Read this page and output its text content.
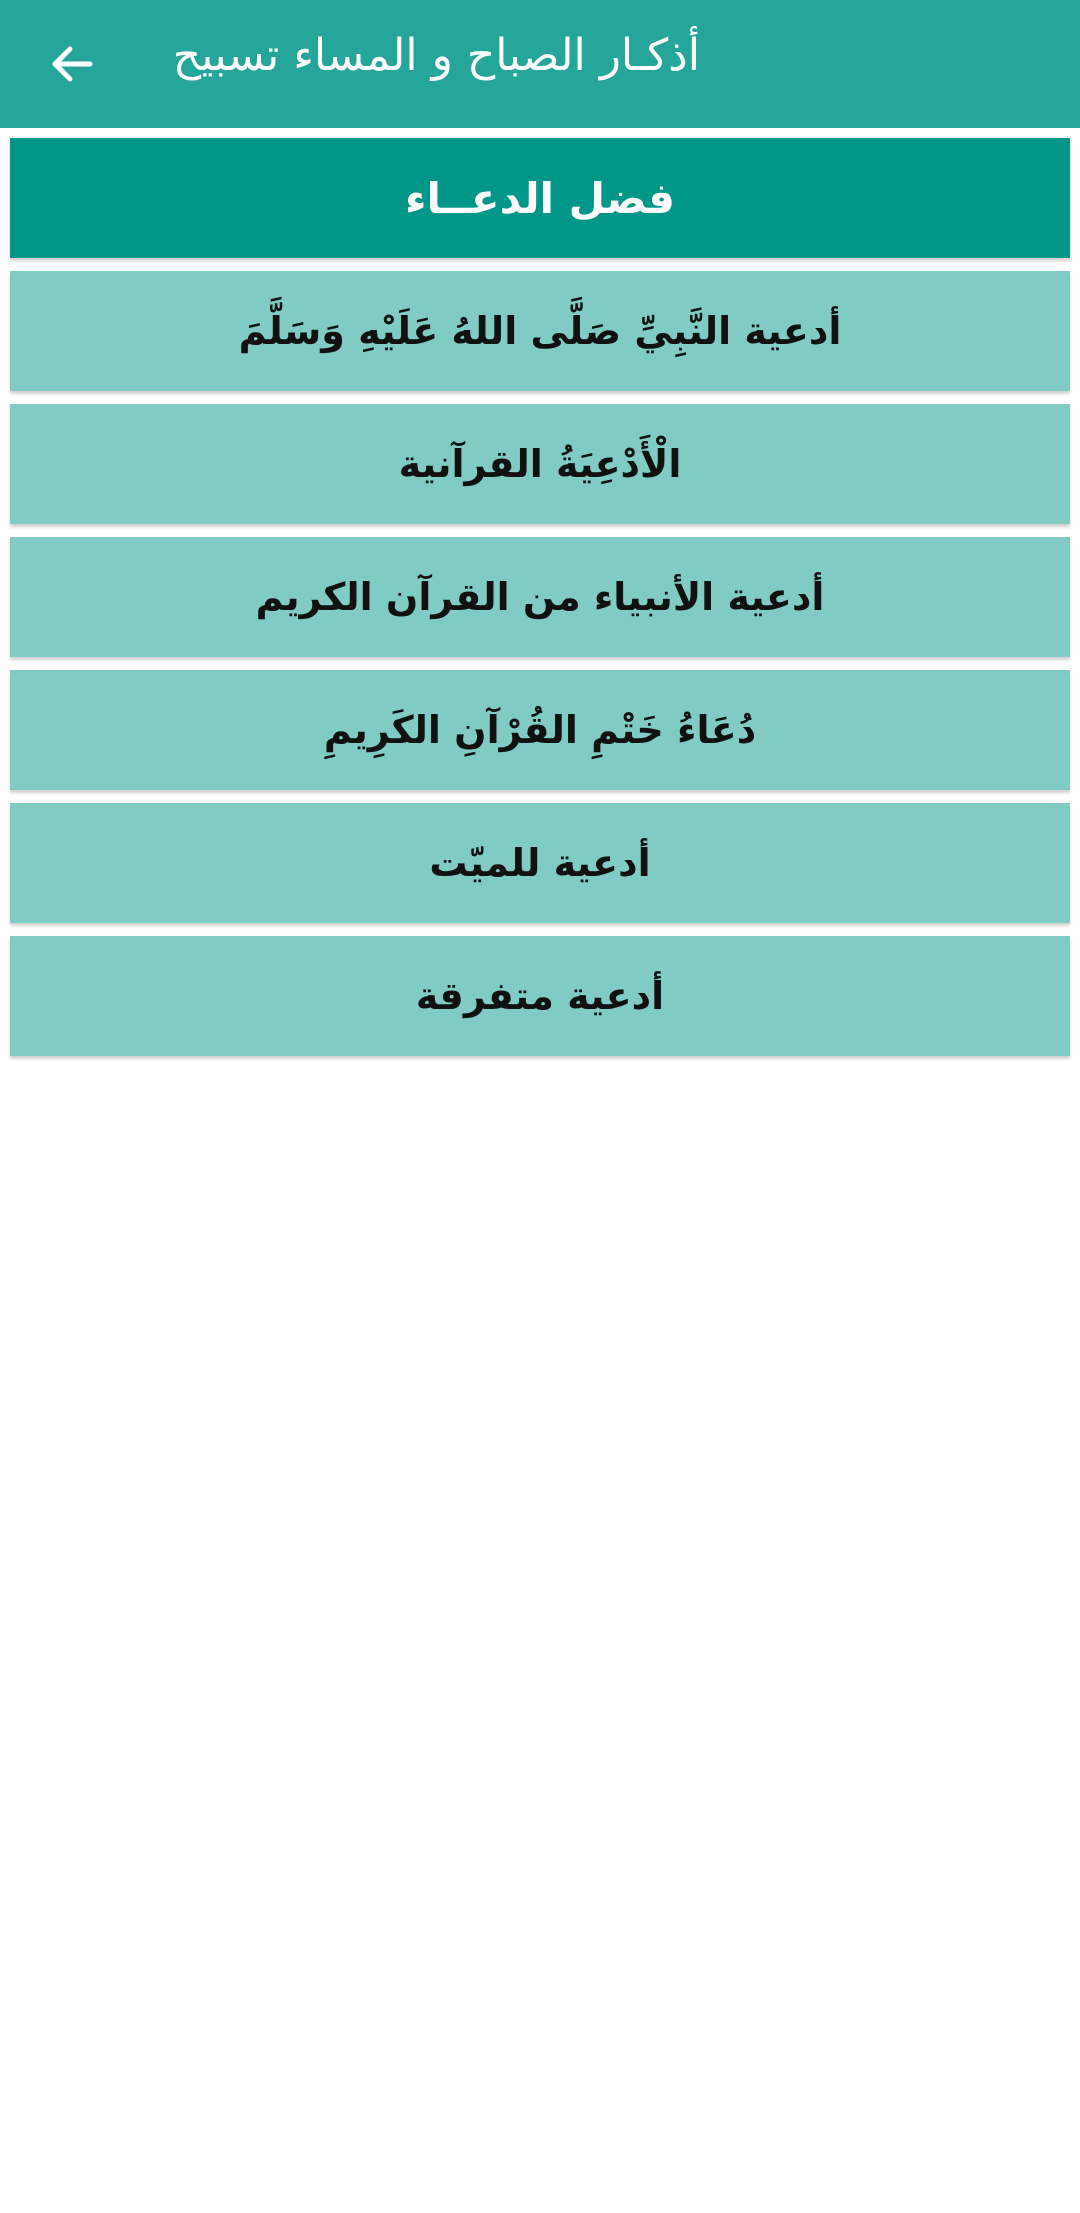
أذكـار الصباح و المساء تسبيح
فضل الدعــاء
أدعية النَّبِيِّ صَلَّى اللهُ عَلَيْهِ وَسَلَّمَ
الْأَدْعِيَةُ القرآنية
أدعية الأنبياء من القرآن الكريم
دُعَاءُ خَتْمِ القُرْآنِ الكَرِيمِ
أدعية للميّت
أدعية متفرقة
